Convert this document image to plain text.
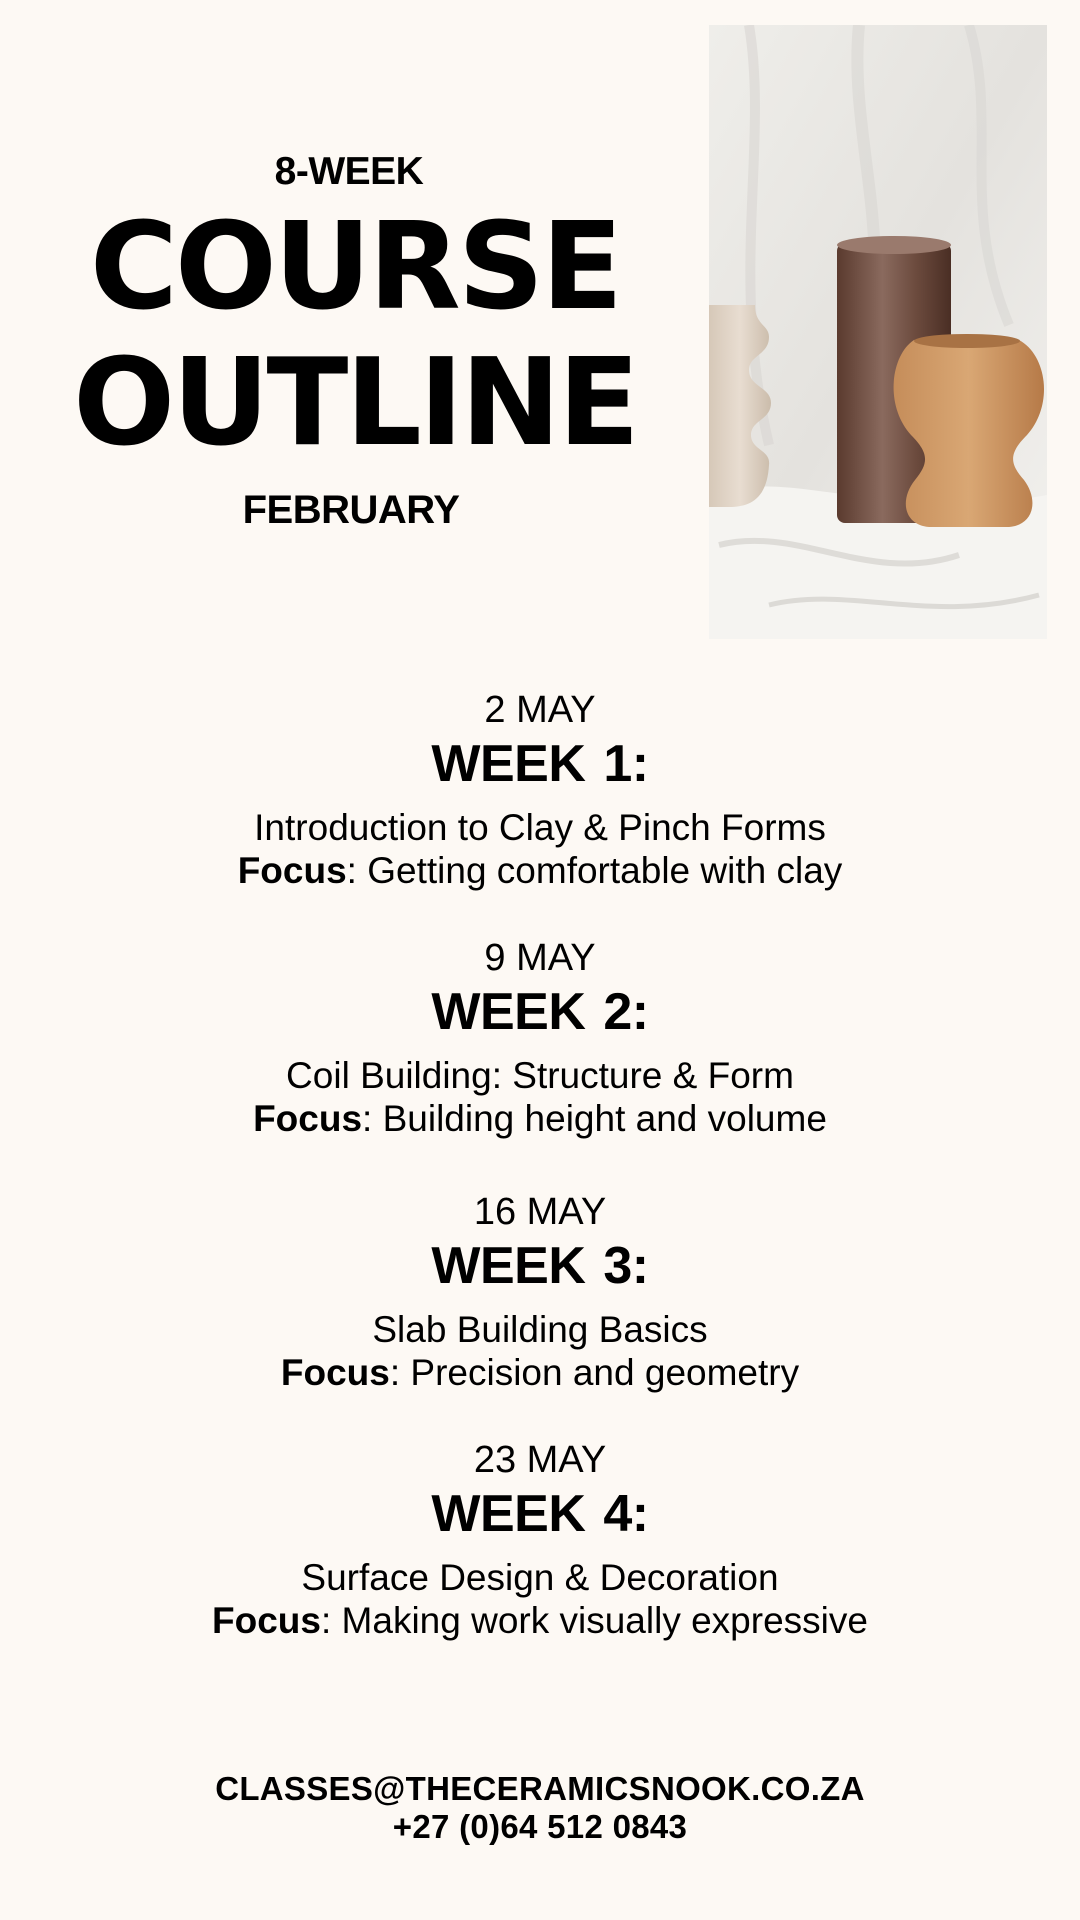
8-WEEK
COURSE
OUTLINE
FEBRUARY
2 MAY
WEEK 1:
Introduction to Clay & Pinch Forms
Focus: Getting comfortable with clay
9 MAY
WEEK 2:
Coil Building: Structure & Form
Focus: Building height and volume
16 MAY
WEEK 3:
Slab Building Basics
Focus: Precision and geometry
23 MAY
WEEK 4:
Surface Design & Decoration
Focus: Making work visually expressive
CLASSES@THECERAMICSNOOK.CO.ZA
+27 (0)64 512 0843
